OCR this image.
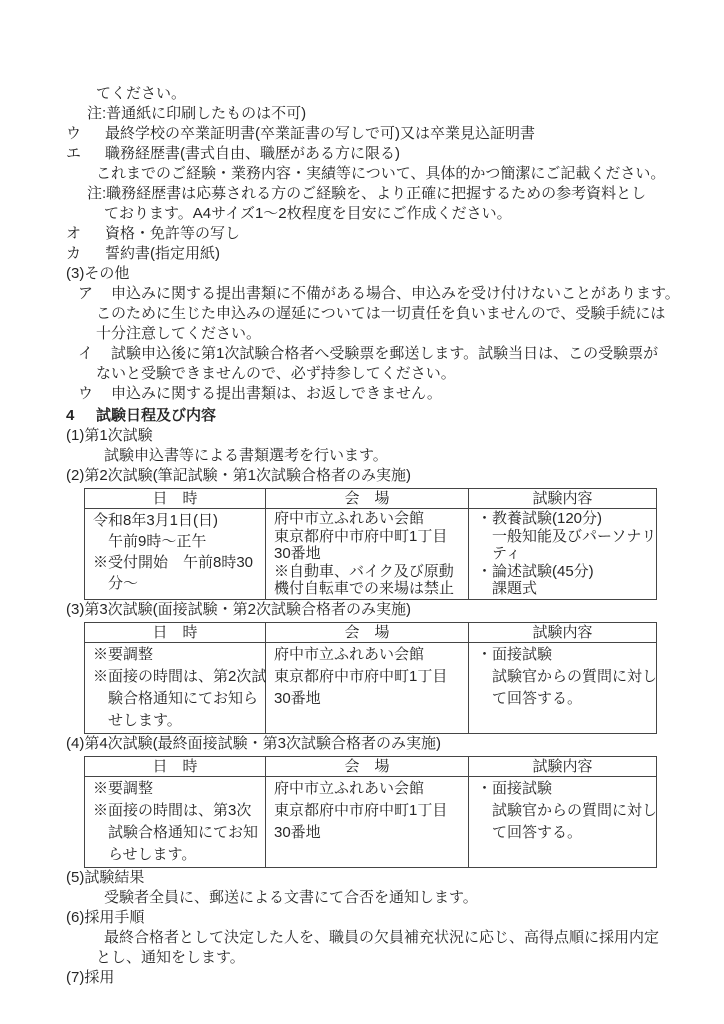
てください。
注:普通紙に印刷したものは不可)
ウ 最終学校の卒業証明書(卒業証書の写しで可)又は卒業見込証明書
エ 職務経歴書(書式自由、職歴がある方に限る)
これまでのご経験・業務内容・実績等について、具体的かつ簡潔にご記載ください。
注:職務経歴書は応募される方のご経験を、より正確に把握するための参考資料とし
ております。A4サイズ1〜2枚程度を目安にご作成ください。
オ 資格・免許等の写し
カ 誓約書(指定用紙)
(3)その他
ア 申込みに関する提出書類に不備がある場合、申込みを受け付けないことがあります。
このために生じた申込みの遅延については一切責任を負いませんので、受験手続には
十分注意してください。
イ 試験申込後に第1次試験合格者へ受験票を郵送します。試験当日は、この受験票が
ないと受験できませんので、必ず持参してください。
ウ 申込みに関する提出書類は、お返しできません。
4 試験日程及び内容
(1)第1次試験
試験申込書等による書類選考を行います。
(2)第2次試験(筆記試験・第1次試験合格者のみ実施)
日　時	会　場	試験内容

令和8年3月1日(日)
　午前9時〜正午
※受付開始　午前8時30
　分〜

府中市立ふれあい会館
東京都府中市府中町1丁目
30番地
※自動車、バイク及び原動
機付自転車での来場は禁止

・教養試験(120分)
　一般知能及びパーソナリ
　ティ
・論述試験(45分)
　課題式
(3)第3次試験(面接試験・第2次試験合格者のみ実施)
日　時	会　場	試験内容

※要調整
※面接の時間は、第2次試
　験合格通知にてお知ら
　せします。

府中市立ふれあい会館
東京都府中市府中町1丁目
30番地

・面接試験
　試験官からの質問に対し
　て回答する。
(4)第4次試験(最終面接試験・第3次試験合格者のみ実施)
日　時	会　場	試験内容

※要調整
※面接の時間は、第3次
　試験合格通知にてお知
　らせします。

府中市立ふれあい会館
東京都府中市府中町1丁目
30番地

・面接試験
　試験官からの質問に対し
　て回答する。
(5)試験結果
受験者全員に、郵送による文書にて合否を通知します。
(6)採用手順
最終合格者として決定した人を、職員の欠員補充状況に応じ、高得点順に採用内定
とし、通知をします。
(7)採用
